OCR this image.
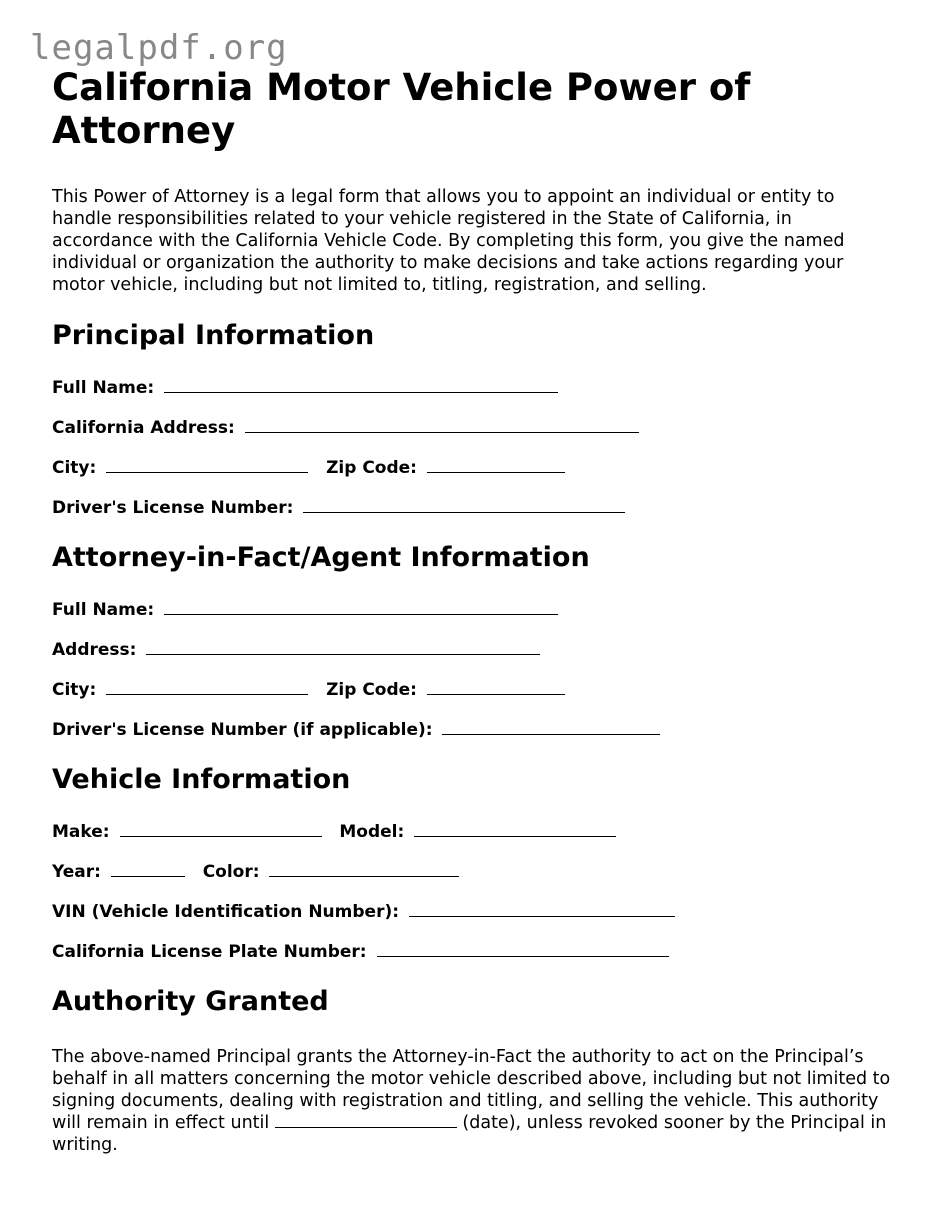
legalpdf.org
California Motor Vehicle Power of Attorney

This Power of Attorney is a legal form that allows you to appoint an individual or entity to handle responsibilities related to your vehicle registered in the State of California, in accordance with the California Vehicle Code. By completing this form, you give the named individual or organization the authority to make decisions and take actions regarding your motor vehicle, including but not limited to, titling, registration, and selling.

Principal Information
Full Name:
California Address:
City:	Zip Code:
Driver's License Number:
Attorney-in-Fact/Agent Information
Full Name:
Address:
City:	Zip Code:
Driver's License Number (if applicable):
Vehicle Information
Make:	Model:
Year:	Color:
VIN (Vehicle Identification Number):
California License Plate Number:
Authority Granted

The above-named Principal grants the Attorney-in-Fact the authority to act on the Principal’s behalf in all matters concerning the motor vehicle described above, including but not limited to signing documents, dealing with registration and titling, and selling the vehicle. This authority will remain in effect until	(date), unless revoked sooner by the Principal in writing.
